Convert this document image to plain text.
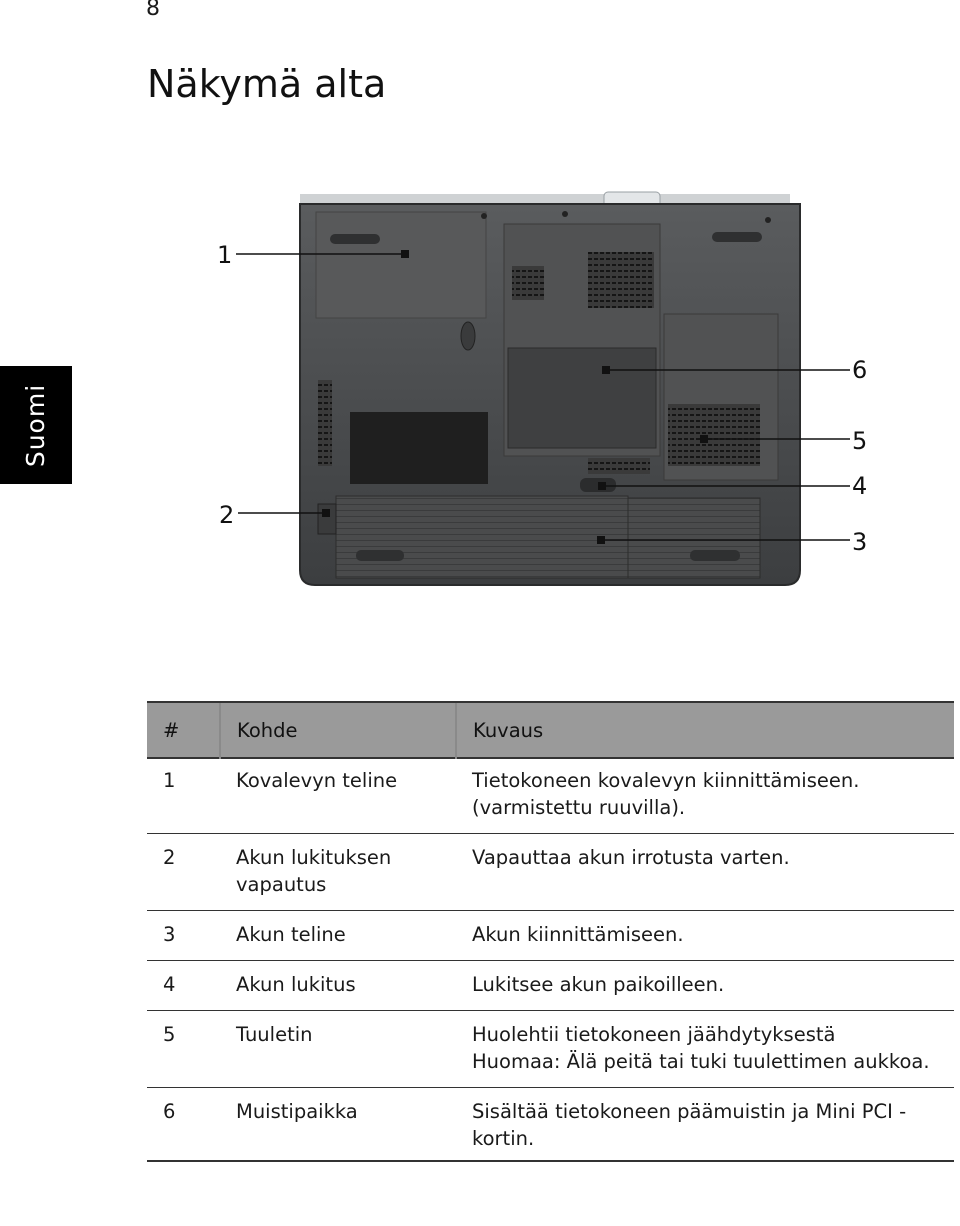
8
Näkymä alta
Suomi
1
2
3
4
5
6
#	Kohde	Kuvaus
1	Kovalevyn teline	Tietokoneen kovalevyn kiinnittämiseen.
(varmistettu ruuvilla).

2	Akun lukituksen vapautus	Vapauttaa akun irrotusta varten.

3	Akun teline	Akun kiinnittämiseen.

4	Akun lukitus	Lukitsee akun paikoilleen.

5	Tuuletin	Huolehtii tietokoneen jäähdytyksestä
Huomaa: Älä peitä tai tuki tuulettimen aukkoa.

6	Muistipaikka	Sisältää tietokoneen päämuistin ja Mini PCI - kortin.
